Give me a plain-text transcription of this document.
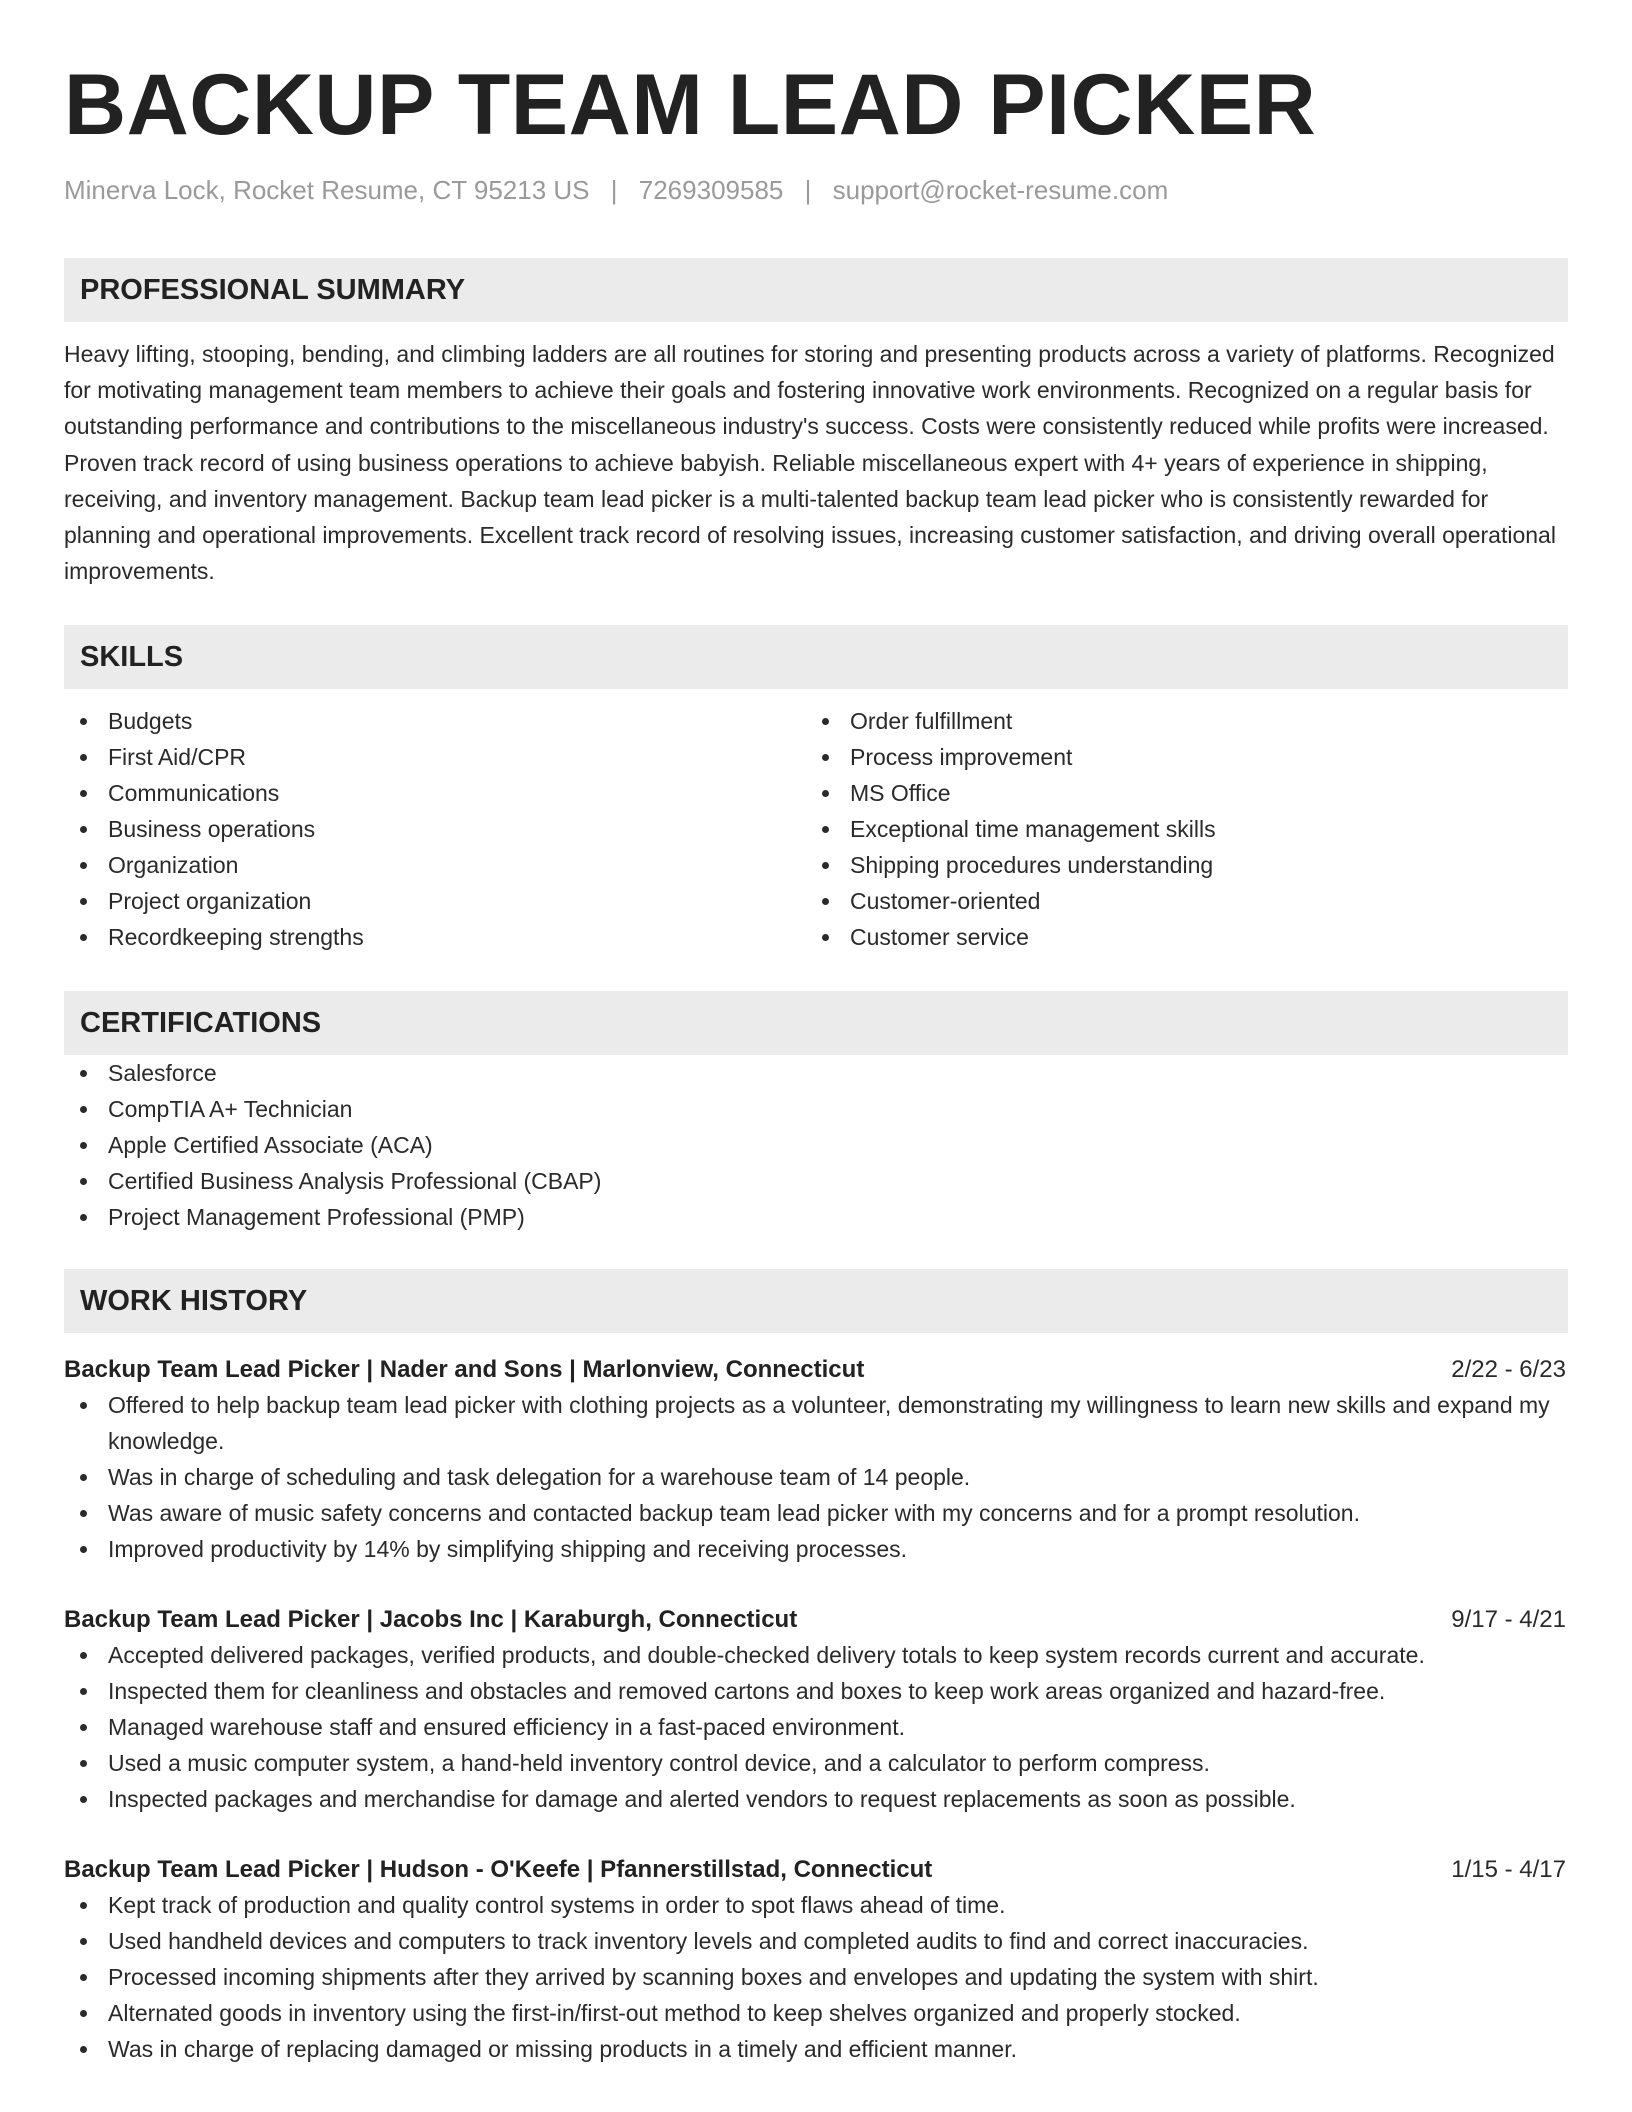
BACKUP TEAM LEAD PICKER
Minerva Lock, Rocket Resume, CT 95213 US | 7269309585 | support@rocket-resume.com
PROFESSIONAL SUMMARY
Heavy lifting, stooping, bending, and climbing ladders are all routines for storing and presenting products across a variety of platforms. Recognized for motivating management team members to achieve their goals and fostering innovative work environments. Recognized on a regular basis for outstanding performance and contributions to the miscellaneous industry's success. Costs were consistently reduced while profits were increased. Proven track record of using business operations to achieve babyish. Reliable miscellaneous expert with 4+ years of experience in shipping, receiving, and inventory management. Backup team lead picker is a multi-talented backup team lead picker who is consistently rewarded for planning and operational improvements. Excellent track record of resolving issues, increasing customer satisfaction, and driving overall operational improvements.
SKILLS
Budgets
First Aid/CPR
Communications
Business operations
Organization
Project organization
Recordkeeping strengths
Order fulfillment
Process improvement
MS Office
Exceptional time management skills
Shipping procedures understanding
Customer-oriented
Customer service
CERTIFICATIONS
Salesforce
CompTIA A+ Technician
Apple Certified Associate (ACA)
Certified Business Analysis Professional (CBAP)
Project Management Professional (PMP)
WORK HISTORY
Backup Team Lead Picker | Nader and Sons | Marlonview, Connecticut	2/22 - 6/23
Offered to help backup team lead picker with clothing projects as a volunteer, demonstrating my willingness to learn new skills and expand my knowledge.
Was in charge of scheduling and task delegation for a warehouse team of 14 people.
Was aware of music safety concerns and contacted backup team lead picker with my concerns and for a prompt resolution.
Improved productivity by 14% by simplifying shipping and receiving processes.
Backup Team Lead Picker | Jacobs Inc | Karaburgh, Connecticut	9/17 - 4/21
Accepted delivered packages, verified products, and double-checked delivery totals to keep system records current and accurate.
Inspected them for cleanliness and obstacles and removed cartons and boxes to keep work areas organized and hazard-free.
Managed warehouse staff and ensured efficiency in a fast-paced environment.
Used a music computer system, a hand-held inventory control device, and a calculator to perform compress.
Inspected packages and merchandise for damage and alerted vendors to request replacements as soon as possible.
Backup Team Lead Picker | Hudson - O'Keefe | Pfannerstillstad, Connecticut	1/15 - 4/17
Kept track of production and quality control systems in order to spot flaws ahead of time.
Used handheld devices and computers to track inventory levels and completed audits to find and correct inaccuracies.
Processed incoming shipments after they arrived by scanning boxes and envelopes and updating the system with shirt.
Alternated goods in inventory using the first-in/first-out method to keep shelves organized and properly stocked.
Was in charge of replacing damaged or missing products in a timely and efficient manner.
